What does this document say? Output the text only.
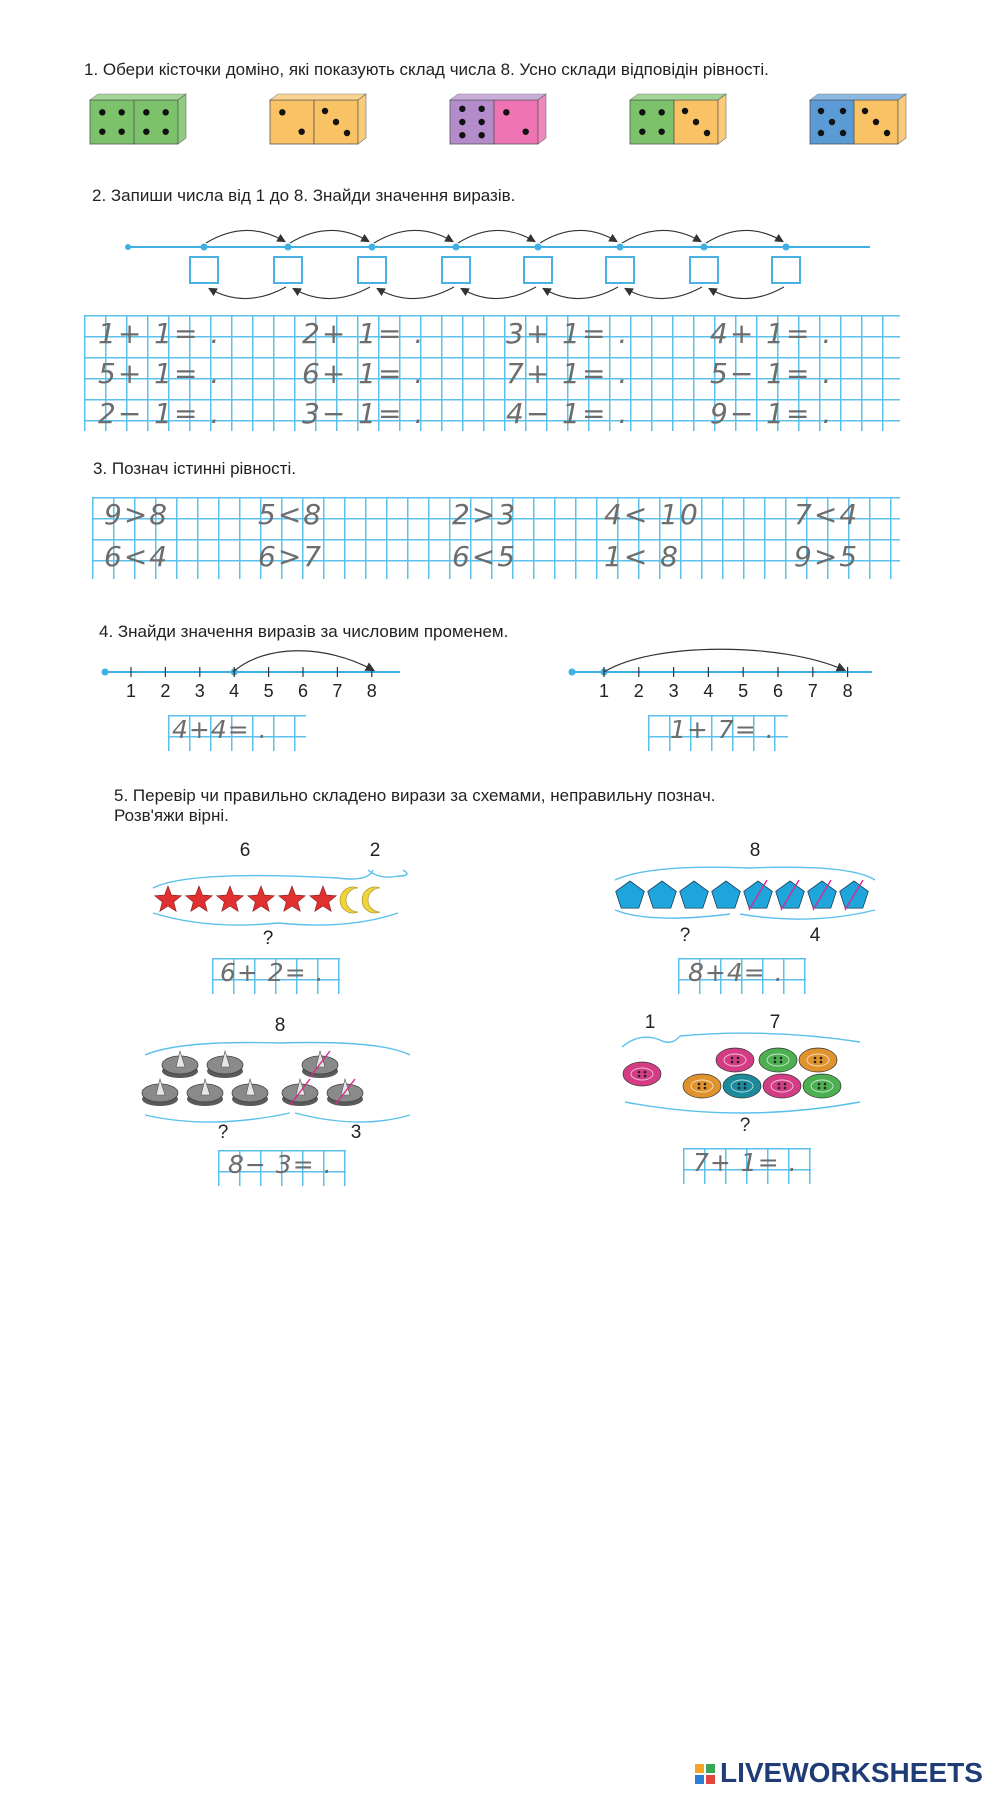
1. Обери кісточки доміно, які показують склад числа 8. Усно склади відповідін рівності.
2. Запиши числа від 1 до 8. Знайди значення виразів.
3. Познач істинні рівності.
4. Знайди значення виразів за числовим променем.
5. Перевір чи правильно складено вирази за схемами, неправильну познач.
Розв'яжи вірні.
1+ 1= .	2+ 1= .	3+ 1= .	4+ 1= .
5+ 1= .	6+ 1= .	7+ 1= .	5− 1= .
2− 1= .	3− 1= .	4− 1= .	9− 1= .
9>8	5<8	2>3	4< 10	7<4
6<4	6>7	6<5	1< 8	9>5
1 2 3 4 5 6 7 8
4+4= .
1 2 3 4 5 6 7 8
1+ 7= .
6	2
?
6+ 2= .
8
?	4
8+4= .
8
?	3
8− 3= .
1	7
?
7+ 1= .
LIVEWORKSHEETS
